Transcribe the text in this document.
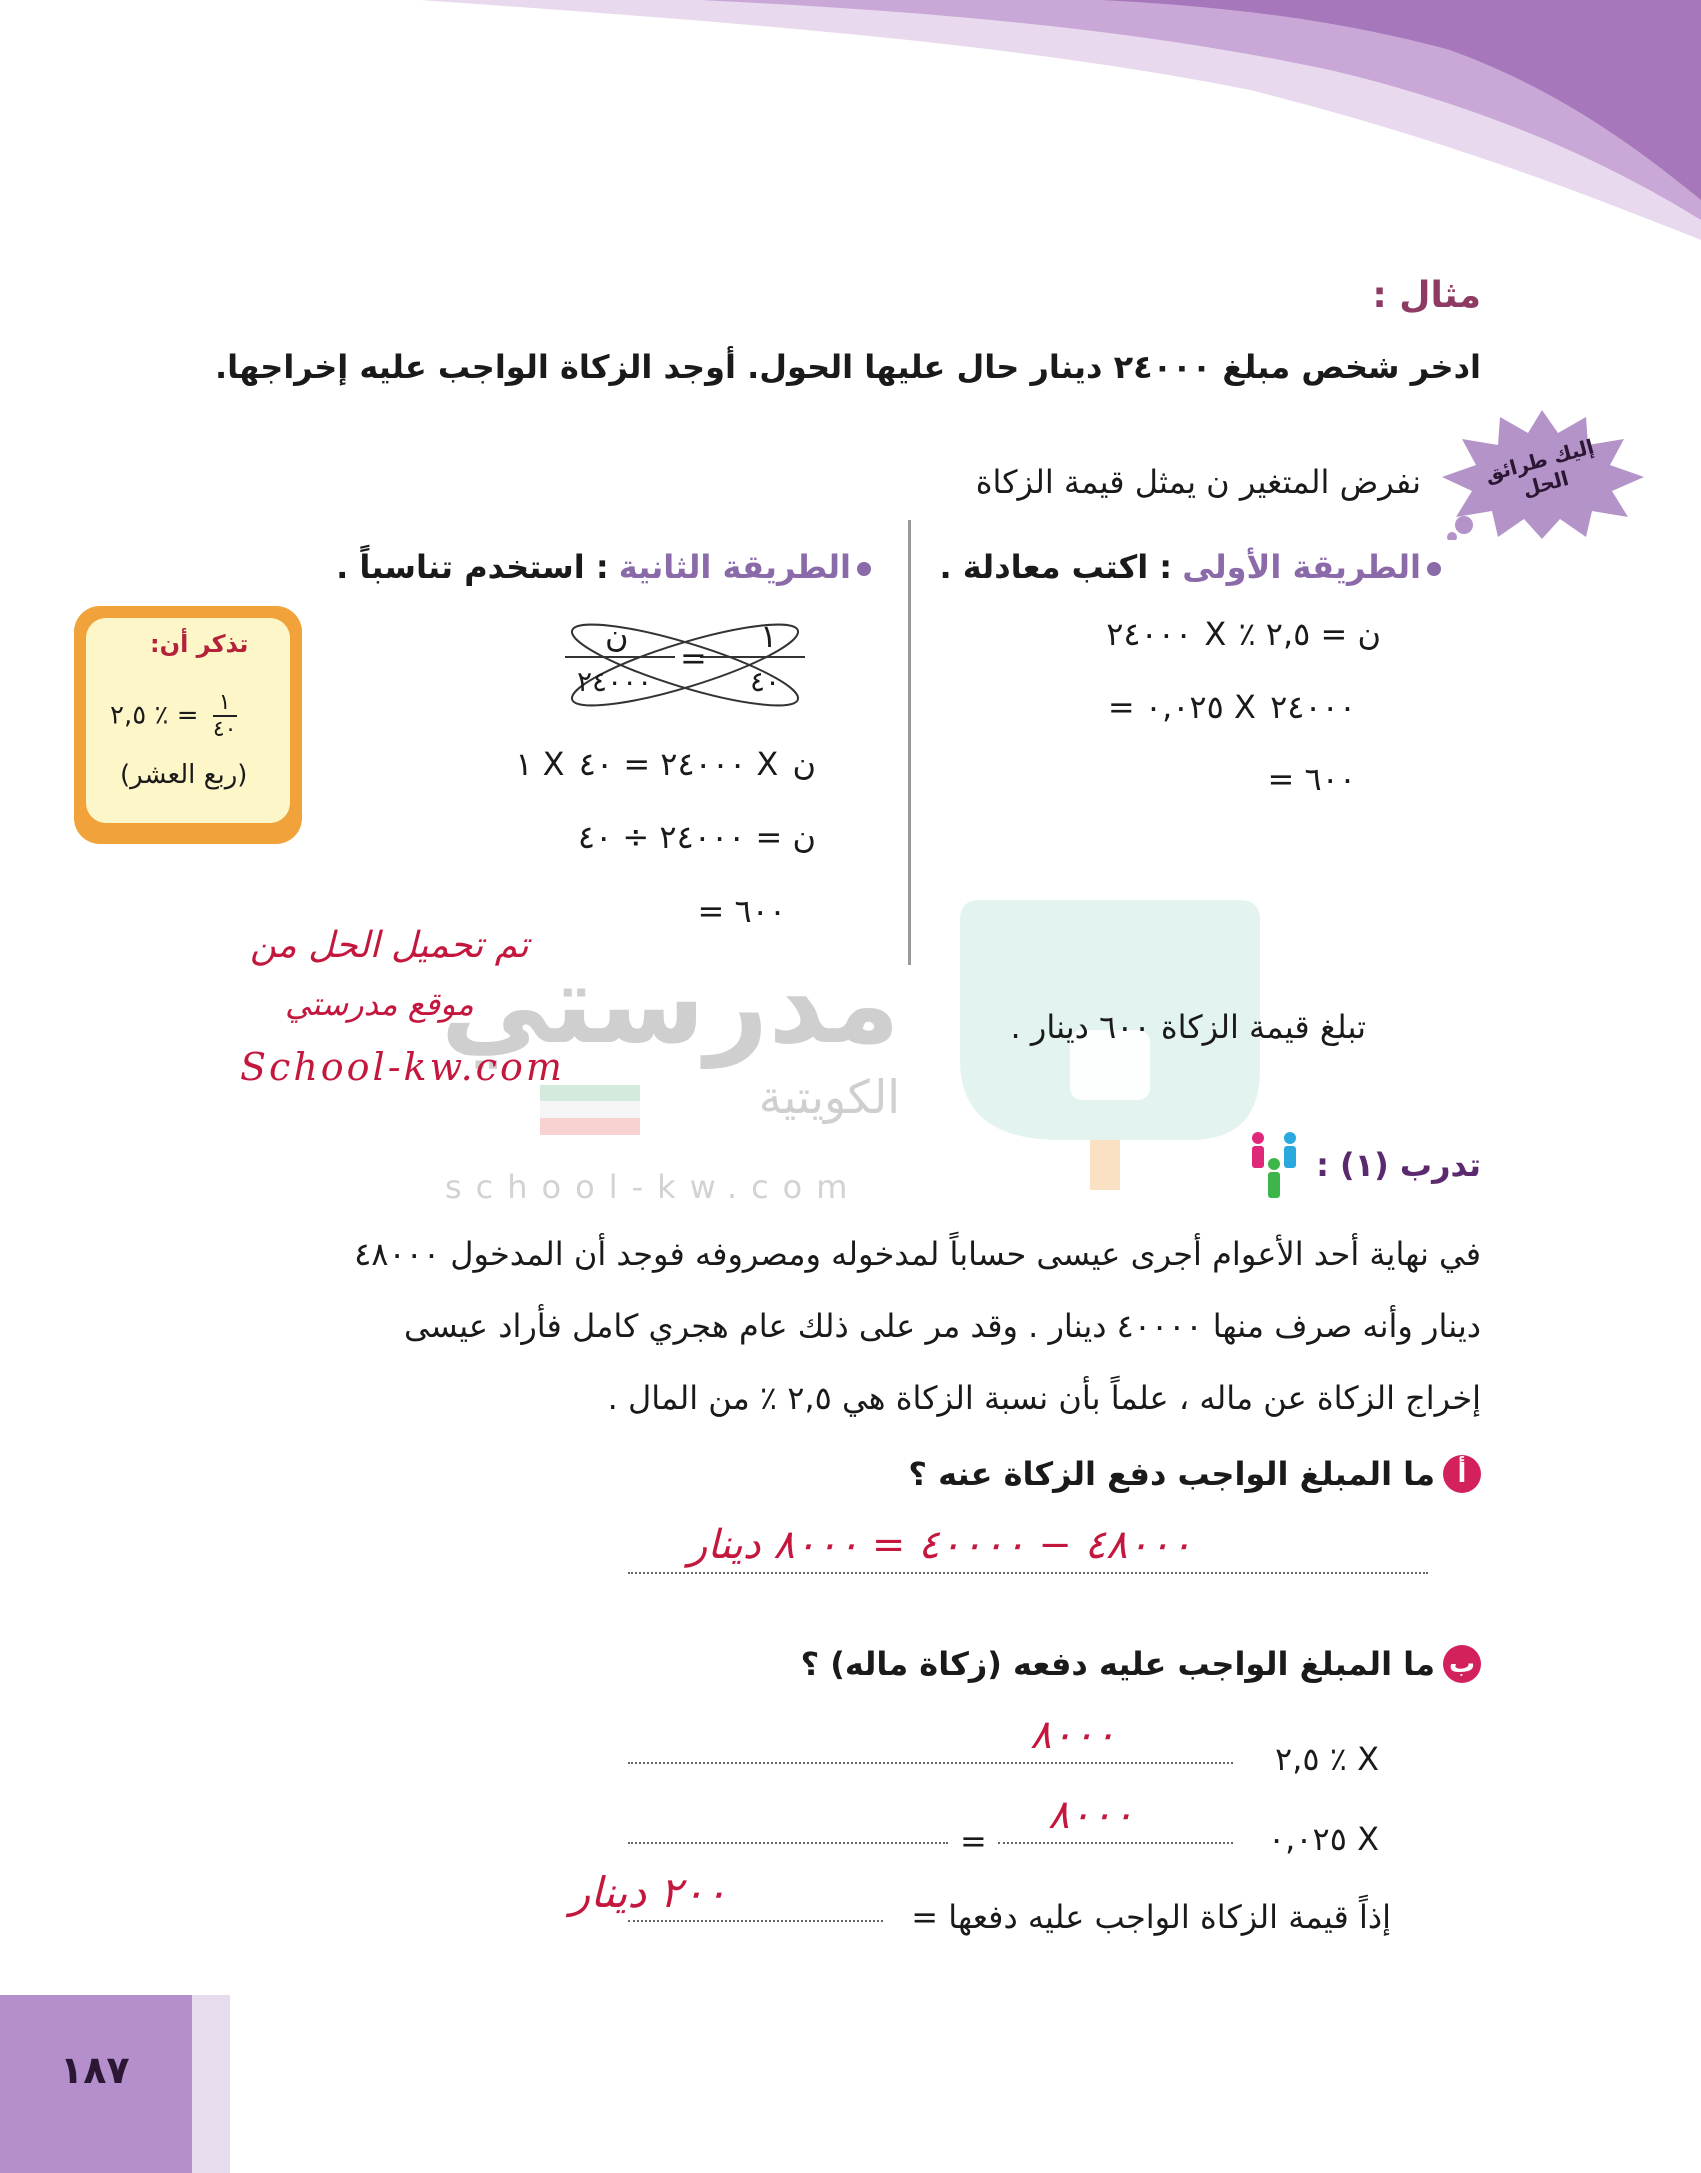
مثال :
ادخر شخص مبلغ ٢٤٠٠٠ دينار حال عليها الحول. أوجد الزكاة الواجب عليه إخراجها.
إليك طرائق الحل
نفرض المتغير ن يمثل قيمة الزكاة
الطريقة الأولى : اكتب معادلة .
ن = ٢,٥ ٪ X ٢٤٠٠٠
= ٠,٠٢٥ X ٢٤٠٠٠
= ٦٠٠
الطريقة الثانية : استخدم تناسباً .
ن
٢٤٠٠٠
=
١
٤٠
١ X ٢٤٠٠٠ = ٤٠ X ن
ن = ٢٤٠٠٠ ÷ ٤٠
= ٦٠٠
تذكر أن:
٢,٥ ٪ = ١
٤٠
(ربع العشر)
مدرستي
الكويتية
school-kw.com
تم تحميل الحل من
موقع مدرستي
School-kw.com
تبلغ قيمة الزكاة ٦٠٠ دينار .
تدرب (١) :
في نهاية أحد الأعوام أجرى عيسى حساباً لمدخوله ومصروفه فوجد أن المدخول ٤٨٠٠٠
دينار وأنه صرف منها ٤٠٠٠٠ دينار . وقد مر على ذلك عام هجري كامل فأراد عيسى
إخراج الزكاة عن ماله ، علماً بأن نسبة الزكاة هي ٢,٥ ٪ من المال .
أ
ما المبلغ الواجب دفع الزكاة عنه ؟
٤٨٠٠٠ − ٤٠٠٠٠ = ٨٠٠٠ دينار
ب
ما المبلغ الواجب عليه دفعه (زكاة ماله) ؟
٢,٥ ٪ X
٨٠٠٠
٠,٠٢٥ X
=
٨٠٠٠
إذاً قيمة الزكاة الواجب عليه دفعها =
٢٠٠ دينار
١٨٧
